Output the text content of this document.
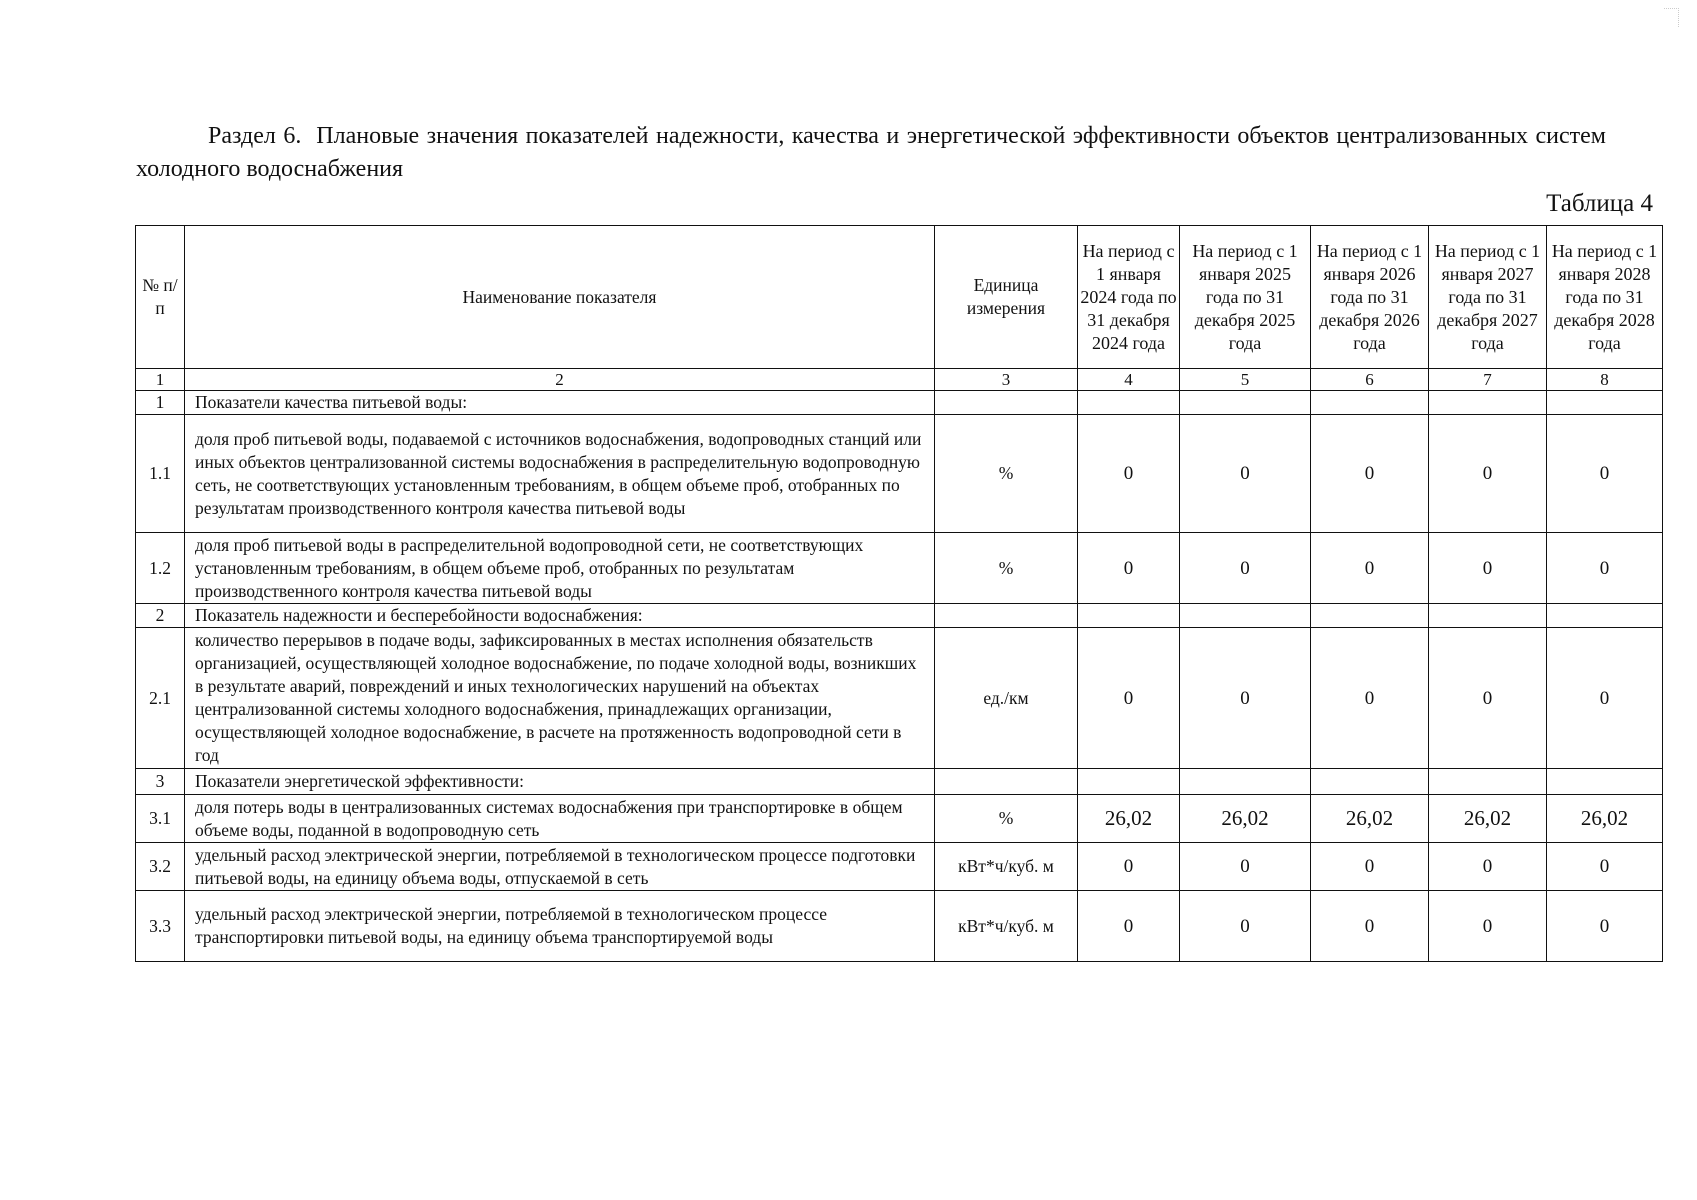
Раздел 6. Плановые значения показателей надежности, качества и энергетической эффективности объектов централизованных систем холодного водоснабжения
Таблица 4
№ п/ п	Наименование показателя	Единица измерения	На период с 1 января 2024 года по 31 декабря 2024 года	На период с 1 января 2025 года по 31 декабря 2025 года	На период с 1 января 2026 года по 31 декабря 2026 года	На период с 1 января 2027 года по 31 декабря 2027 года	На период с 1 января 2028 года по 31 декабря 2028 года
1	2	3	4	5	6	7	8
1	Показатели качества питьевой воды:						
1.1	доля проб питьевой воды, подаваемой с источников водоснабжения, водопроводных станций или иных объектов централизованной системы водоснабжения в распределительную водопроводную сеть, не соответствующих установленным требованиям, в общем объеме проб, отобранных по результатам производственного контроля качества питьевой воды	%	0	0	0	0	0
1.2	доля проб питьевой воды в распределительной водопроводной сети, не соответствующих установленным требованиям, в общем объеме проб, отобранных по результатам производственного контроля качества питьевой воды	%	0	0	0	0	0
2	Показатель надежности и бесперебойности водоснабжения:						
2.1	количество перерывов в подаче воды, зафиксированных в местах исполнения обязательств организацией, осуществляющей холодное водоснабжение, по подаче холодной воды, возникших в результате аварий, повреждений и иных технологических нарушений на объектах централизованной системы холодного водоснабжения, принадлежащих организации, осуществляющей холодное водоснабжение, в расчете на протяженность водопроводной сети в год	ед./км	0	0	0	0	0
3	Показатели энергетической эффективности:						
3.1	доля потерь воды в централизованных системах водоснабжения при транспортировке в общем объеме воды, поданной в водопроводную сеть	%	26,02	26,02	26,02	26,02	26,02
3.2	удельный расход электрической энергии, потребляемой в технологическом процессе подготовки питьевой воды, на единицу объема воды, отпускаемой в сеть	кВт*ч/куб. м	0	0	0	0	0
3.3	удельный расход электрической энергии, потребляемой в технологическом процессе транспортировки питьевой воды, на единицу объема транспортируемой воды	кВт*ч/куб. м	0	0	0	0	0
